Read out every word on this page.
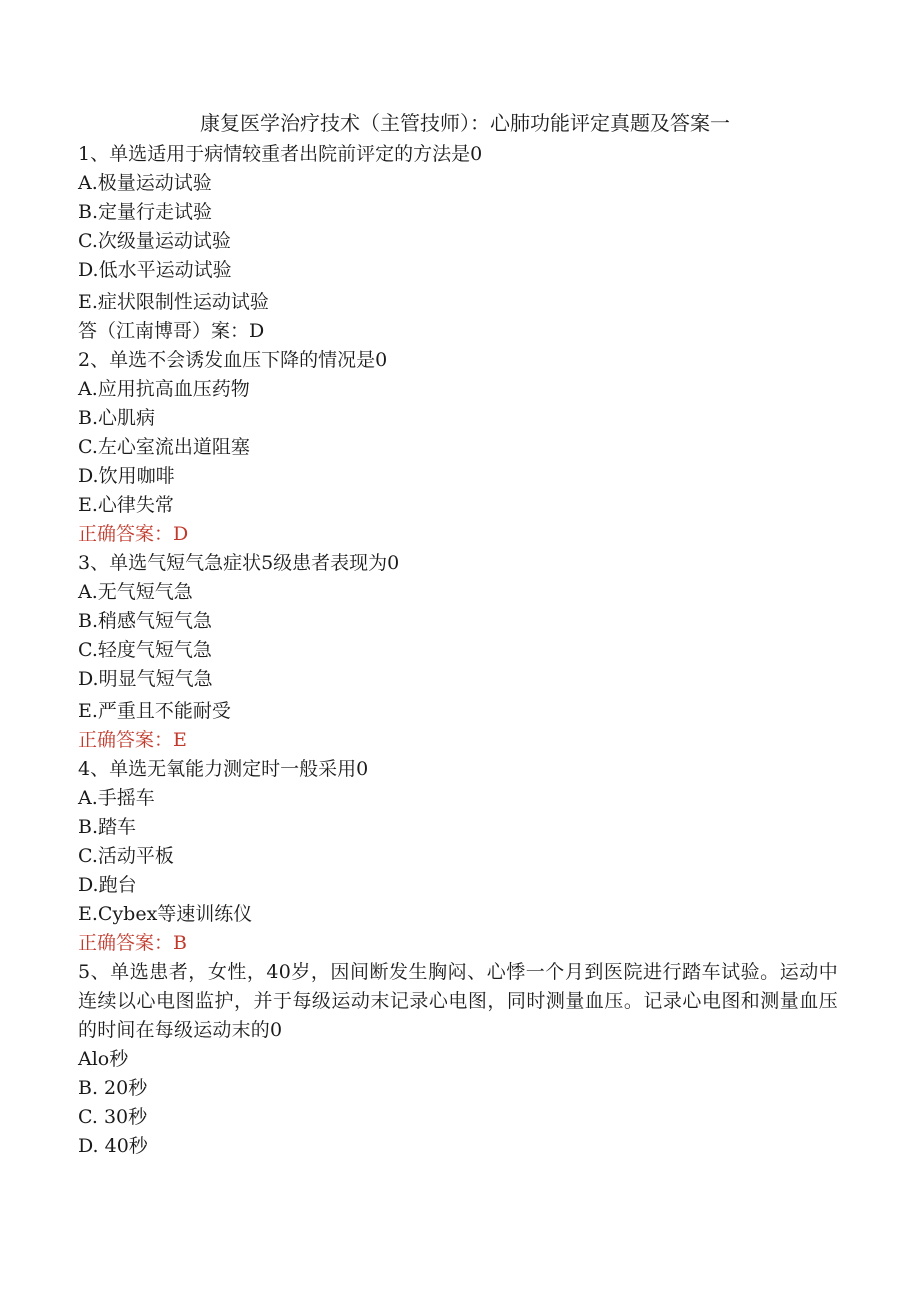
康复医学治疗技术（主管技师）：心肺功能评定真题及答案一
1、单选适用于病情较重者出院前评定的方法是0
A.极量运动试验
B.定量行走试验
C.次级量运动试验
D.低水平运动试验
E.症状限制性运动试验
答（江南博哥）案：D
2、单选不会诱发血压下降的情况是0
A.应用抗高血压药物
B.心肌病
C.左心室流出道阻塞
D.饮用咖啡
E.心律失常
正确答案：D
3、单选气短气急症状5级患者表现为0
A.无气短气急
B.稍感气短气急
C.轻度气短气急
D.明显气短气急
E.严重且不能耐受
正确答案：E
4、单选无氧能力测定时一般采用0
A.手摇车
B.踏车
C.活动平板
D.跑台
E.Cybex等速训练仪
正确答案：B
5、单选患者，女性，40岁，因间断发生胸闷、心悸一个月到医院进行踏车试验。运动中连续以心电图监护，并于每级运动末记录心电图，同时测量血压。记录心电图和测量血压的时间在每级运动末的0
Alo秒
B. 20秒
C. 30秒
D. 40秒
